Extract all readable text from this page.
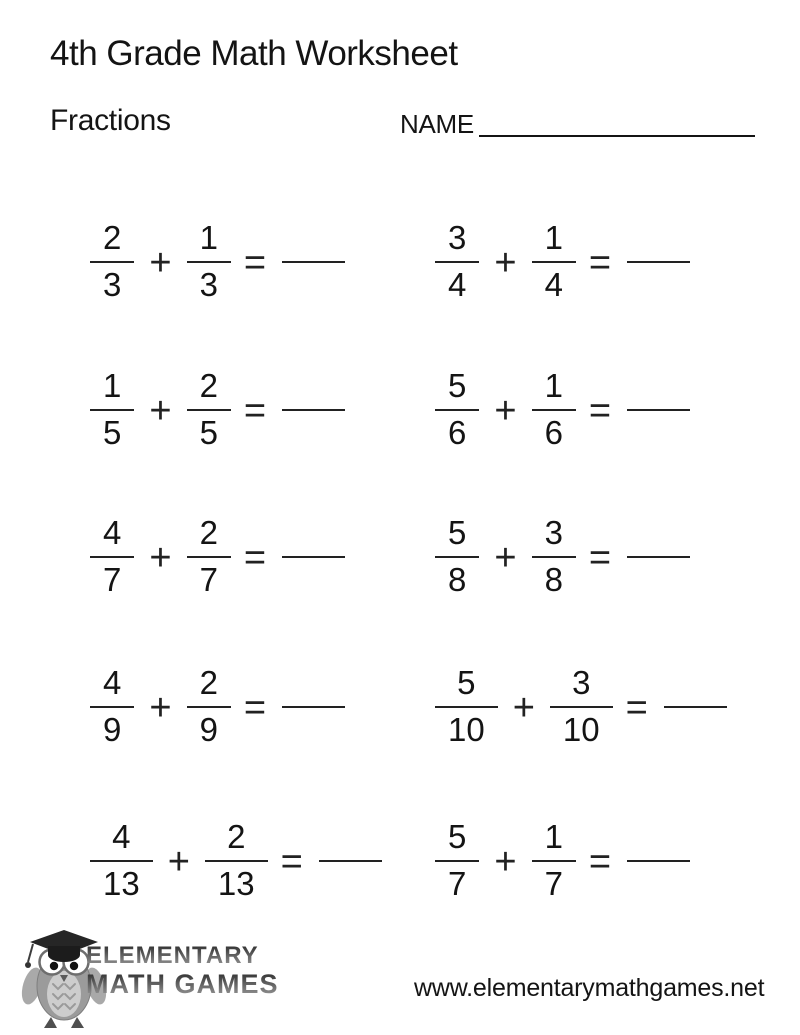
4th Grade Math Worksheet
Fractions	NAME
$\frac{2}{3} + \frac{1}{3}$ =	$\frac{3}{4} + \frac{1}{4}$ =
$\frac{1}{5} + \frac{2}{5}$ =	$\frac{5}{6} + \frac{1}{6}$ =
$\frac{4}{7} + \frac{2}{7}$ =	$\frac{5}{8} + \frac{3}{8}$ =
$\frac{4}{9} + \frac{2}{9}$ =	$\frac{5}{10} + \frac{3}{10}$ =
$\frac{4}{13} + \frac{2}{13}$ =	$\frac{5}{7} + \frac{1}{7}$ =
ELEMENTARY
MATH GAMES	www.elementarymathgames.net
